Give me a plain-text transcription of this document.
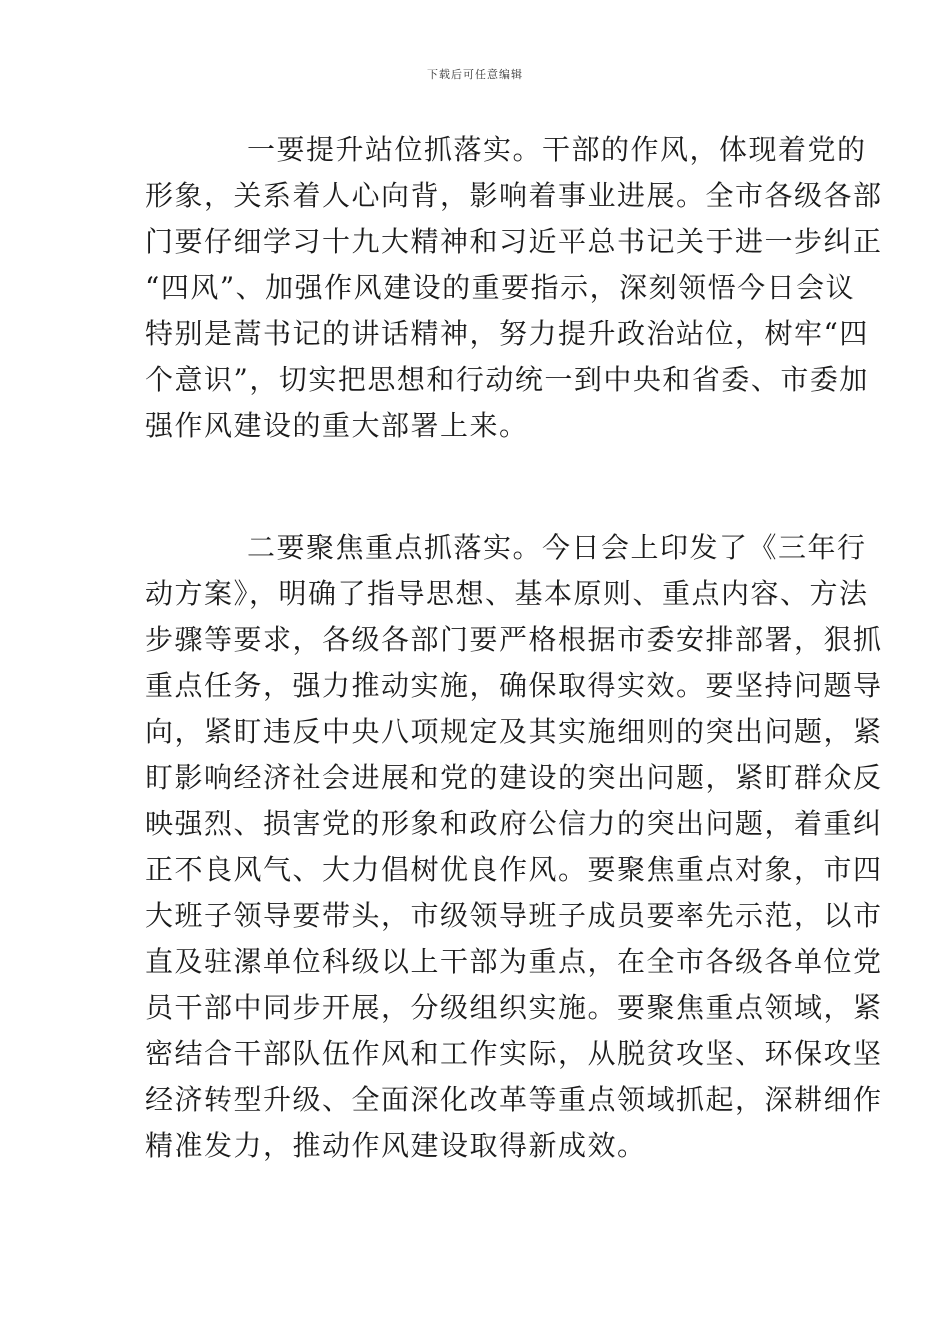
下载后可任意编辑
一要提升站位抓落实。干部的作风，体现着党的
形象，关系着人心向背，影响着事业进展。全市各级各部
门要仔细学习十九大精神和习近平总书记关于进一步纠正
“四风”、加强作风建设的重要指示，深刻领悟今日会议
特别是蒿书记的讲话精神，努力提升政治站位，树牢“四
个意识”，切实把思想和行动统一到中央和省委、市委加
强作风建设的重大部署上来。
二要聚焦重点抓落实。今日会上印发了《三年行
动方案》，明确了指导思想、基本原则、重点内容、方法
步骤等要求，各级各部门要严格根据市委安排部署，狠抓
重点任务，强力推动实施，确保取得实效。要坚持问题导
向，紧盯违反中央八项规定及其实施细则的突出问题，紧
盯影响经济社会进展和党的建设的突出问题，紧盯群众反
映强烈、损害党的形象和政府公信力的突出问题，着重纠
正不良风气、大力倡树优良作风。要聚焦重点对象，市四
大班子领导要带头，市级领导班子成员要率先示范，以市
直及驻漯单位科级以上干部为重点，在全市各级各单位党
员干部中同步开展，分级组织实施。要聚焦重点领域，紧
密结合干部队伍作风和工作实际，从脱贫攻坚、环保攻坚
经济转型升级、全面深化改革等重点领域抓起，深耕细作
精准发力，推动作风建设取得新成效。
